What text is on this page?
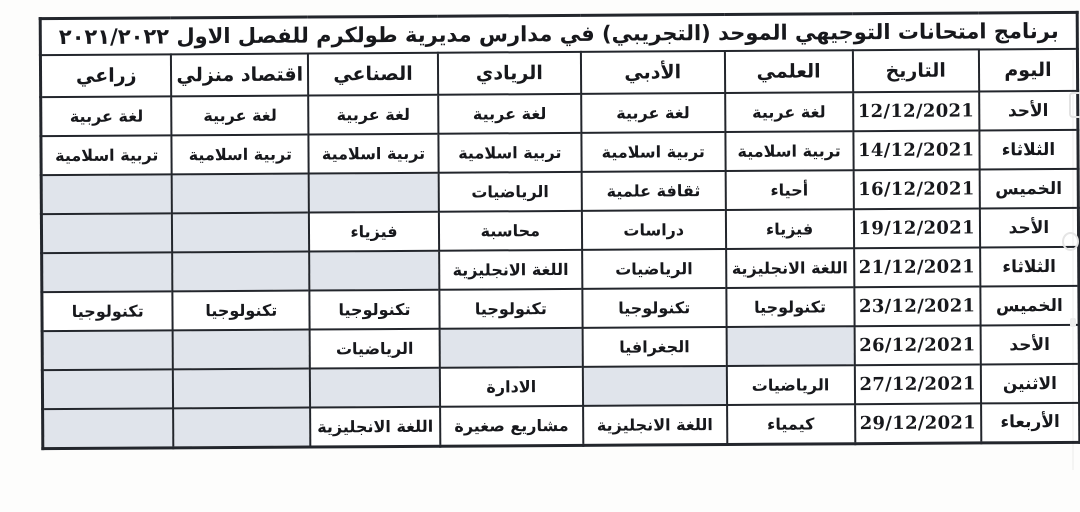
برنامج امتحانات التوجيهي الموحد (التجريبي) في مدارس مديرية طولكرم للفصل الاول ٢٠٢١/٢٠٢٢							
اليوم	التاريخ	العلمي	الأدبي	الريادي	الصناعي	اقتصاد منزلي	زراعي
الأحد	12/12/2021	لغة عربية	لغة عربية	لغة عربية	لغة عربية	لغة عربية	لغة عربية
الثلاثاء	14/12/2021	تربية اسلامية	تربية اسلامية	تربية اسلامية	تربية اسلامية	تربية اسلامية	تربية اسلامية
الخميس	16/12/2021	أحياء	ثقافة علمية	الرياضيات			
الأحد	19/12/2021	فيزياء	دراسات	محاسبة	فيزياء		
الثلاثاء	21/12/2021	اللغة الانجليزية	الرياضيات	اللغة الانجليزية			
الخميس	23/12/2021	تكنولوجيا	تكنولوجيا	تكنولوجيا	تكنولوجيا	تكنولوجيا	تكنولوجيا
الأحد	26/12/2021		الجغرافيا		الرياضيات		
الاثنين	27/12/2021	الرياضيات		الادارة			
الأربعاء	29/12/2021	كيمياء	اللغة الانجليزية	مشاريع صغيرة	اللغة الانجليزية		
